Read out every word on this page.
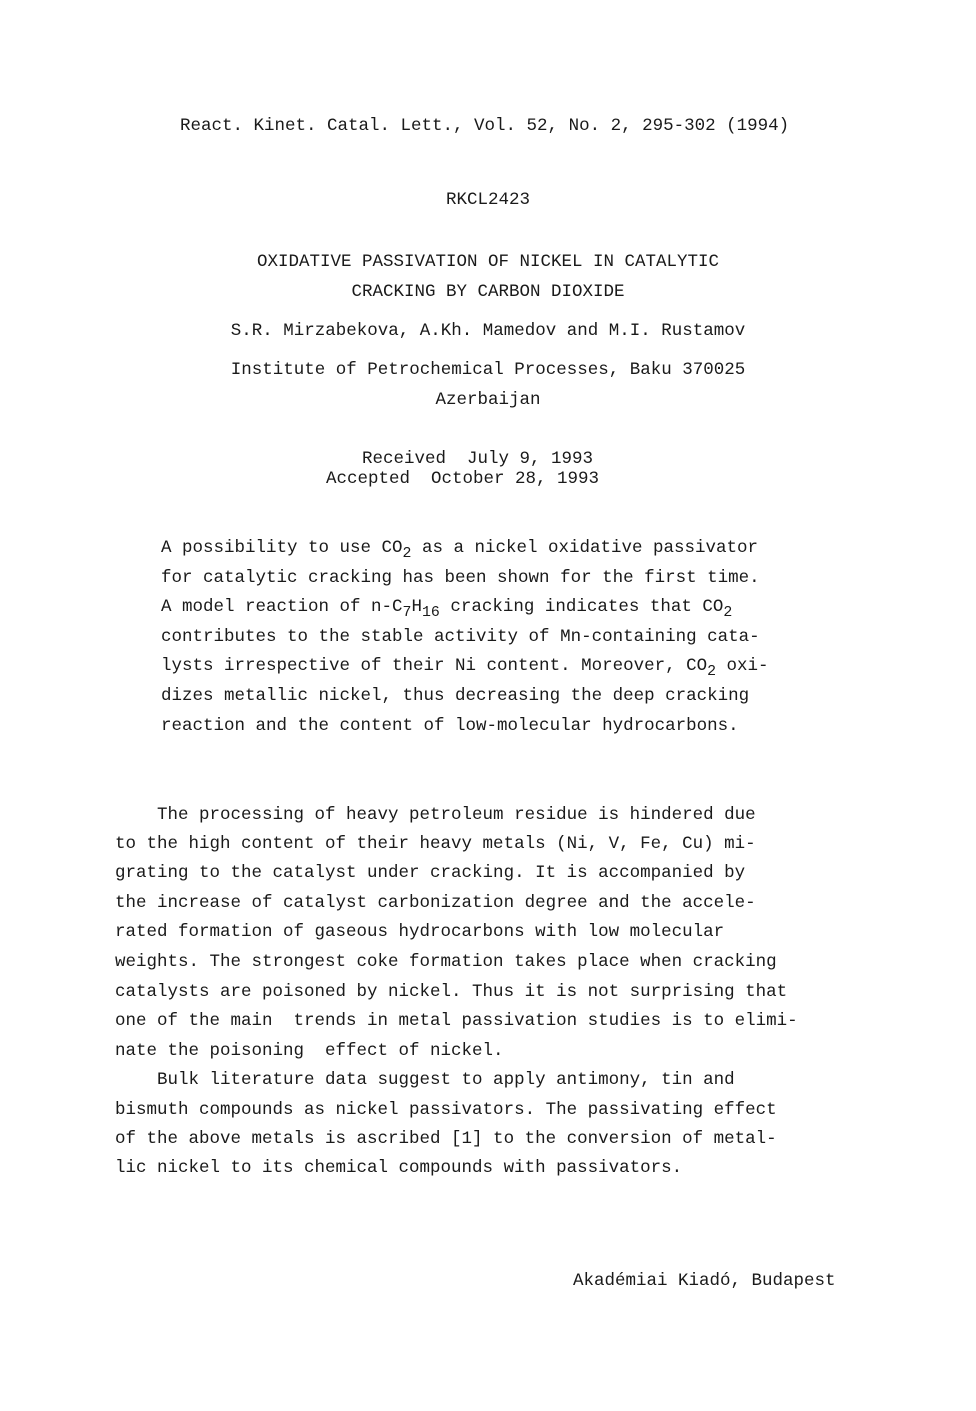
React. Kinet. Catal. Lett., Vol. 52, No. 2, 295-302 (1994)
RKCL2423
OXIDATIVE PASSIVATION OF NICKEL IN CATALYTIC
CRACKING BY CARBON DIOXIDE
S.R. Mirzabekova, A.Kh. Mamedov and M.I. Rustamov
Institute of Petrochemical Processes, Baku 370025
Azerbaijan
Received  July 9, 1993
Accepted  October 28, 1993
A possibility to use $CO_2$ as a nickel oxidative passivator
for catalytic cracking has been shown for the first time.
A model reaction of $n-C_7H_{16}$ cracking indicates that $CO_2$
contributes to the stable activity of Mn-containing cata-
lysts irrespective of their Ni content. Moreover, $CO_2$ oxi-
dizes metallic nickel, thus decreasing the deep cracking
reaction and the content of low-molecular hydrocarbons.
The processing of heavy petroleum residue is hindered due
to the high content of their heavy metals (Ni, V, Fe, Cu) mi-
grating to the catalyst under cracking. It is accompanied by
the increase of catalyst carbonization degree and the accele-
rated formation of gaseous hydrocarbons with low molecular
weights. The strongest coke formation takes place when cracking
catalysts are poisoned by nickel. Thus it is not surprising that
one of the main  trends in metal passivation studies is to elimi-
nate the poisoning  effect of nickel.
Bulk literature data suggest to apply antimony, tin and
bismuth compounds as nickel passivators. The passivating effect
of the above metals is ascribed [1] to the conversion of metal-
lic nickel to its chemical compounds with passivators.
Akadémiai Kiadó, Budapest
